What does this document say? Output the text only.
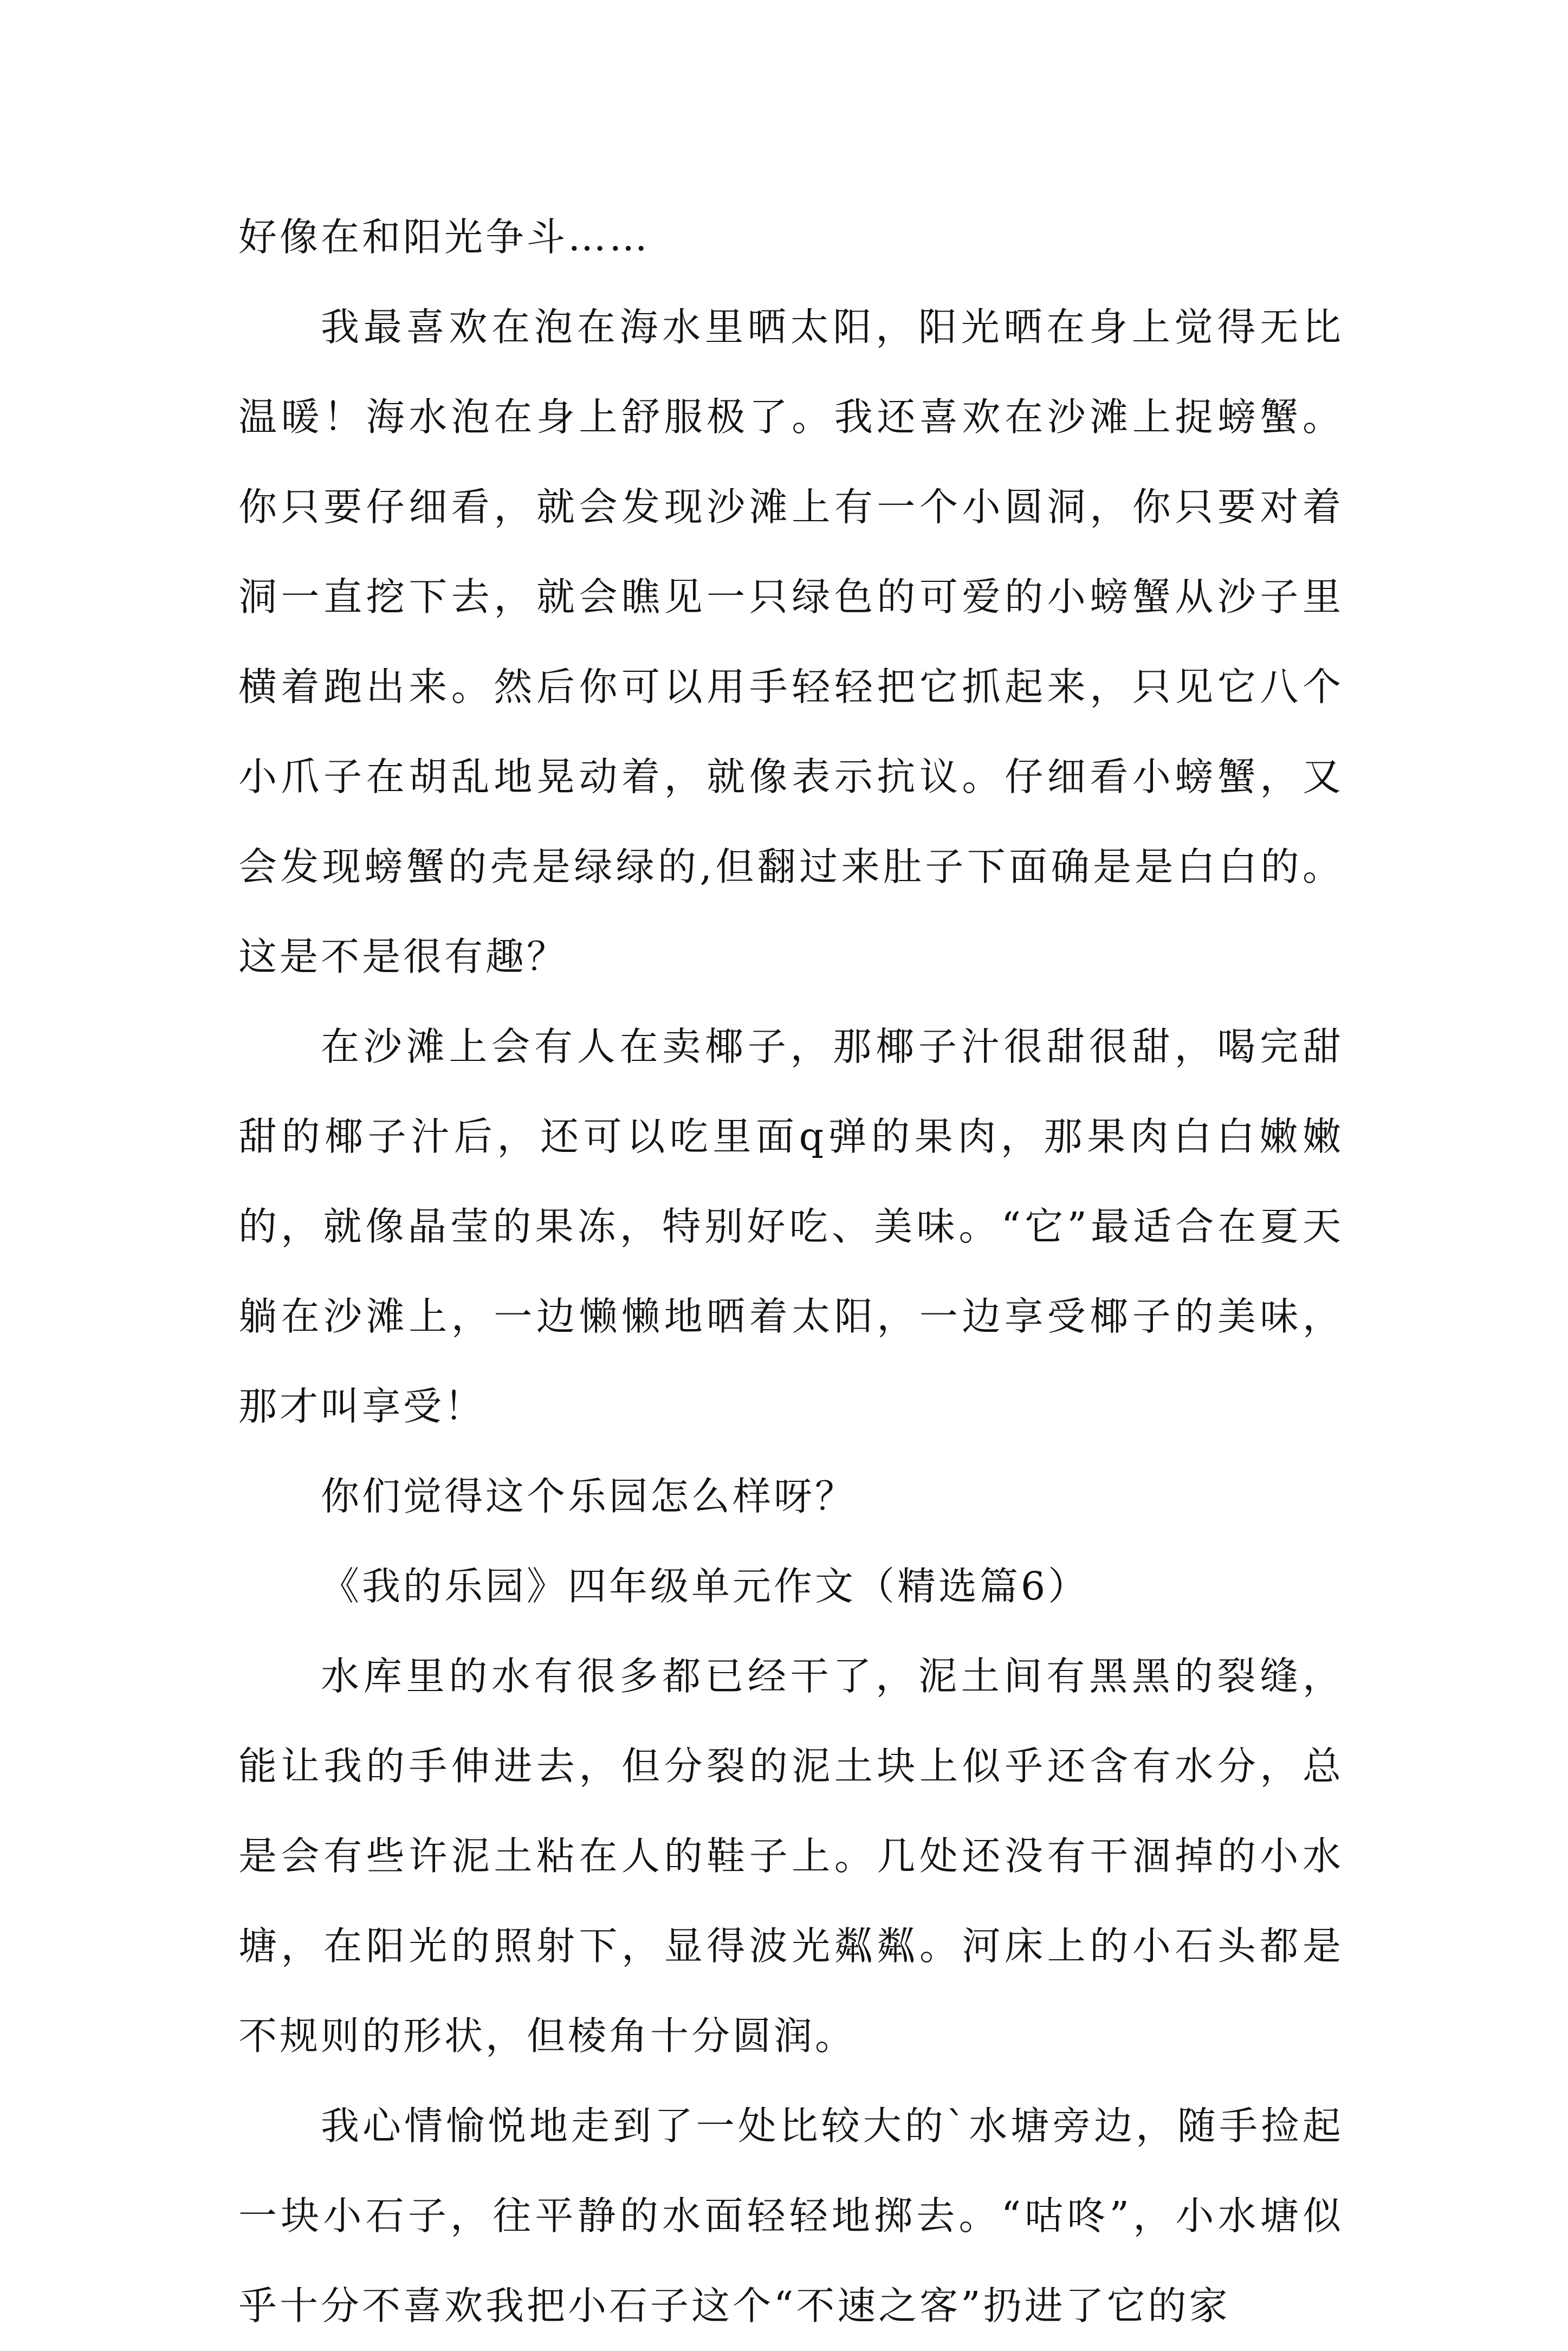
好像在和阳光争斗……

我最喜欢在泡在海水里晒太阳，阳光晒在身上觉得无比温暖！海水泡在身上舒服极了。我还喜欢在沙滩上捉螃蟹。你只要仔细看，就会发现沙滩上有一个小圆洞，你只要对着洞一直挖下去，就会瞧见一只绿色的可爱的小螃蟹从沙子里横着跑出来。然后你可以用手轻轻把它抓起来，只见它八个小爪子在胡乱地晃动着，就像表示抗议。仔细看小螃蟹，又会发现螃蟹的壳是绿绿的,但翻过来肚子下面确是是白白的。这是不是很有趣？

在沙滩上会有人在卖椰子，那椰子汁很甜很甜，喝完甜甜的椰子汁后，还可以吃里面q弹的果肉，那果肉白白嫩嫩的，就像晶莹的果冻，特别好吃、美味。“它”最适合在夏天躺在沙滩上，一边懒懒地晒着太阳，一边享受椰子的美味，那才叫享受！

你们觉得这个乐园怎么样呀？

《我的乐园》四年级单元作文（精选篇6）

水库里的水有很多都已经干了，泥土间有黑黑的裂缝，能让我的手伸进去，但分裂的泥土块上似乎还含有水分，总是会有些许泥土粘在人的鞋子上。几处还没有干涸掉的小水塘，在阳光的照射下，显得波光粼粼。河床上的小石头都是不规则的形状，但棱角十分圆润。

我心情愉悦地走到了一处比较大的`水塘旁边，随手捡起一块小石子，往平静的水面轻轻地掷去。“咕咚”，小水塘似乎十分不喜欢我把小石子这个“不速之客”扔进了它的家
